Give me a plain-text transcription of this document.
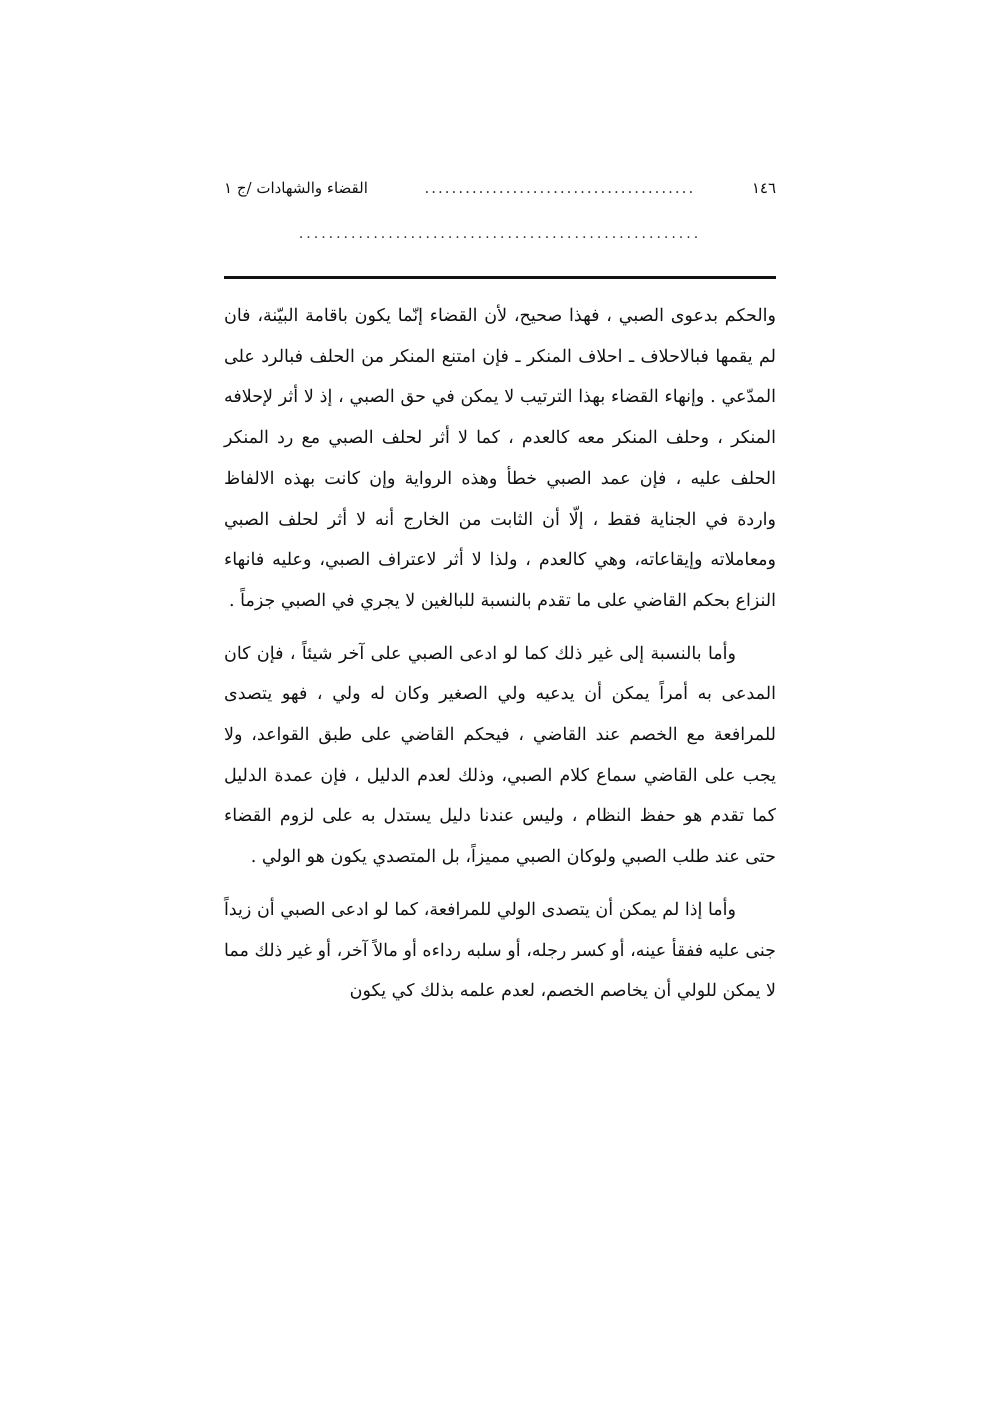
١٤٦
........................................
القضاء والشهادات /ج ١
......................................................

والحكم بدعوى الصبي ، فهذا صحيح، لأن القضاء إنّما يكون باقامة البيّنة، فان لم يقمها فبالاحلاف ـ احلاف المنكر ـ فإن امتنع المنكر من الحلف فبالرد على المدّعي . وإنهاء القضاء بهذا الترتيب لا يمكن في حق الصبي ، إذ لا أثر لإحلافه المنكر ، وحلف المنكر معه كالعدم ، كما لا أثر لحلف الصبي مع رد المنكر الحلف عليه ، فإن عمد الصبي خطأ وهذه الرواية وإن كانت بهذه الالفاظ واردة في الجناية فقط ، إلّا أن الثابت من الخارج أنه لا أثر لحلف الصبي ومعاملاته وإيقاعاته، وهي كالعدم ، ولذا لا أثر لاعتراف الصبي، وعليه فانهاء النزاع بحكم القاضي على ما تقدم بالنسبة للبالغين لا يجري في الصبي جزماً .

وأما بالنسبة إلى غير ذلك كما لو ادعى الصبي على آخر شيئاً ، فإن كان المدعى به أمراً يمكن أن يدعيه ولي الصغير وكان له ولي ، فهو يتصدى للمرافعة مع الخصم عند القاضي ، فيحكم القاضي على طبق القواعد، ولا يجب على القاضي سماع كلام الصبي، وذلك لعدم الدليل ، فإن عمدة الدليل كما تقدم هو حفظ النظام ، وليس عندنا دليل يستدل به على لزوم القضاء حتى عند طلب الصبي ولوكان الصبي مميزاً، بل المتصدي يكون هو الولي .

وأما إذا لم يمكن أن يتصدى الولي للمرافعة، كما لو ادعى الصبي أن زيداً جنى عليه ففقأ عينه، أو كسر رجله، أو سلبه رداءه أو مالاً آخر، أو غير ذلك مما لا يمكن للولي أن يخاصم الخصم، لعدم علمه بذلك كي يكون
